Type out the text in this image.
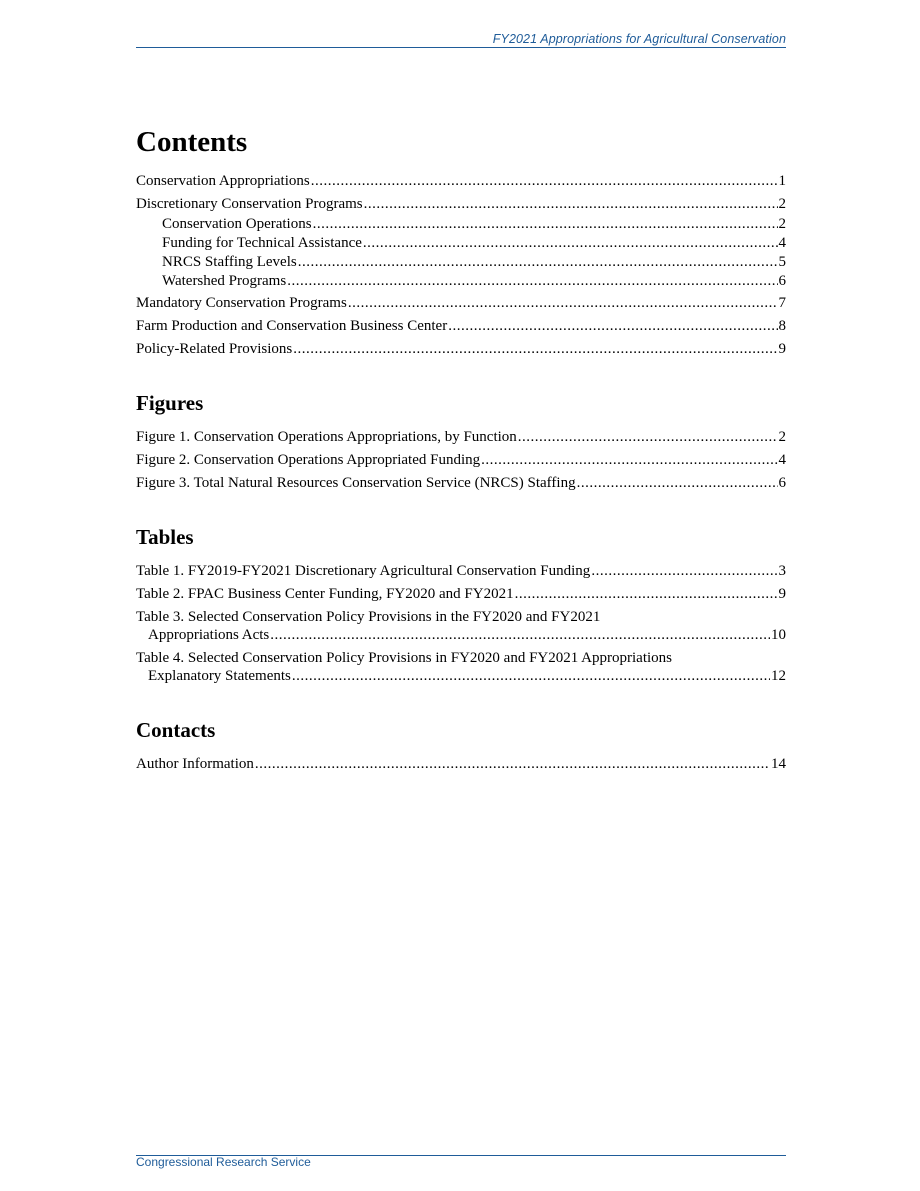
FY2021 Appropriations for Agricultural Conservation
Contents
Conservation Appropriations .....	1
Discretionary Conservation Programs .....	2
Conservation Operations .....	2
Funding for Technical Assistance .....	4
NRCS Staffing Levels .....	5
Watershed Programs .....	6
Mandatory Conservation Programs .....	7
Farm Production and Conservation Business Center .....	8
Policy-Related Provisions .....	9
Figures
Figure 1. Conservation Operations Appropriations, by Function .....	2
Figure 2. Conservation Operations Appropriated Funding .....	4
Figure 3. Total Natural Resources Conservation Service (NRCS) Staffing .....	6
Tables
Table 1. FY2019-FY2021 Discretionary Agricultural Conservation Funding .....	3
Table 2. FPAC Business Center Funding, FY2020 and FY2021 .....	9
Table 3. Selected Conservation Policy Provisions in the FY2020 and FY2021
Appropriations Acts .....	10
Table 4. Selected Conservation Policy Provisions in FY2020 and FY2021 Appropriations
Explanatory Statements .....	12
Contacts
Author Information .....	14
Congressional Research Service
